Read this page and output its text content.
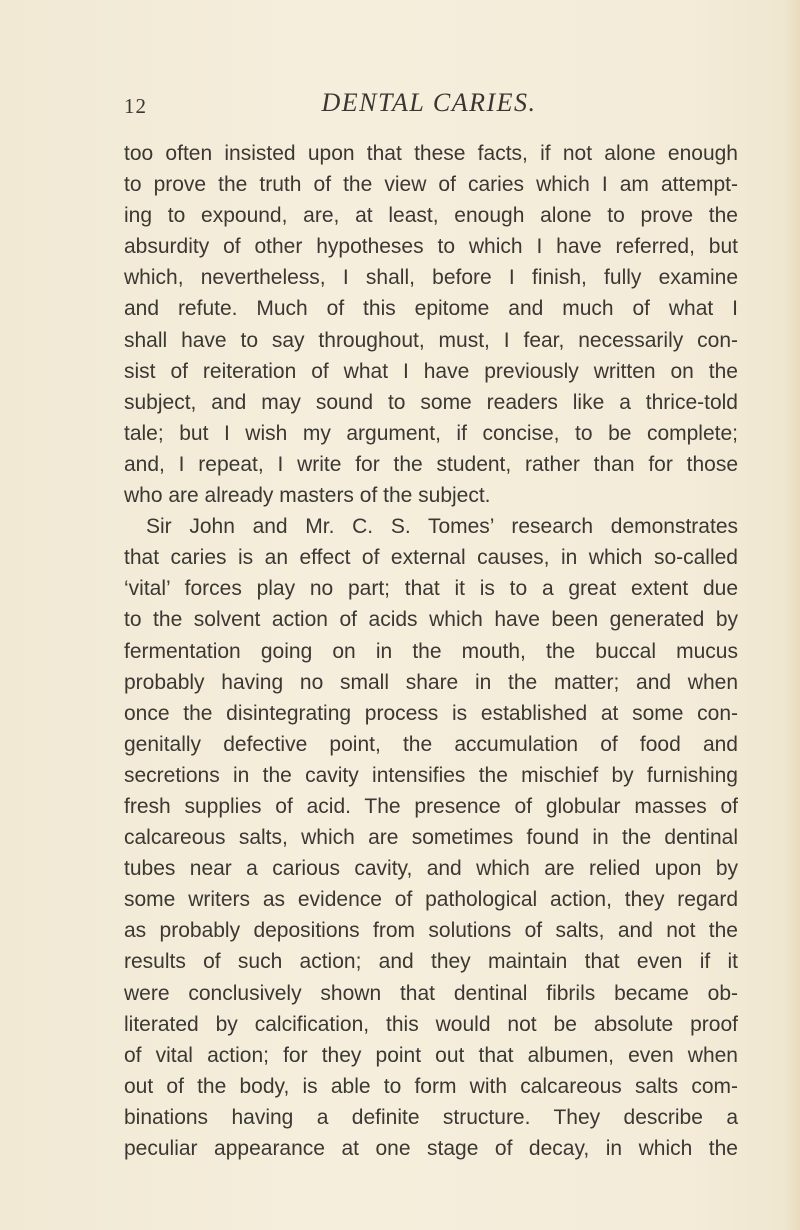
12	DENTAL CARIES.
too often insisted upon that these facts, if not alone enough
to prove the truth of the view of caries which I am attempt-
ing to expound, are, at least, enough alone to prove the
absurdity of other hypotheses to which I have referred, but
which, nevertheless, I shall, before I finish, fully examine
and refute. Much of this epitome and much of what I
shall have to say throughout, must, I fear, necessarily con-
sist of reiteration of what I have previously written on the
subject, and may sound to some readers like a thrice-told
tale; but I wish my argument, if concise, to be complete;
and, I repeat, I write for the student, rather than for those
who are already masters of the subject.
Sir John and Mr. C. S. Tomes’ research demonstrates
that caries is an effect of external causes, in which so-called
‘vital’ forces play no part; that it is to a great extent due
to the solvent action of acids which have been generated by
fermentation going on in the mouth, the buccal mucus
probably having no small share in the matter; and when
once the disintegrating process is established at some con-
genitally defective point, the accumulation of food and
secretions in the cavity intensifies the mischief by furnishing
fresh supplies of acid. The presence of globular masses of
calcareous salts, which are sometimes found in the dentinal
tubes near a carious cavity, and which are relied upon by
some writers as evidence of pathological action, they regard
as probably depositions from solutions of salts, and not the
results of such action; and they maintain that even if it
were conclusively shown that dentinal fibrils became ob-
literated by calcification, this would not be absolute proof
of vital action; for they point out that albumen, even when
out of the body, is able to form with calcareous salts com-
binations having a definite structure. They describe a
peculiar appearance at one stage of decay, in which the
